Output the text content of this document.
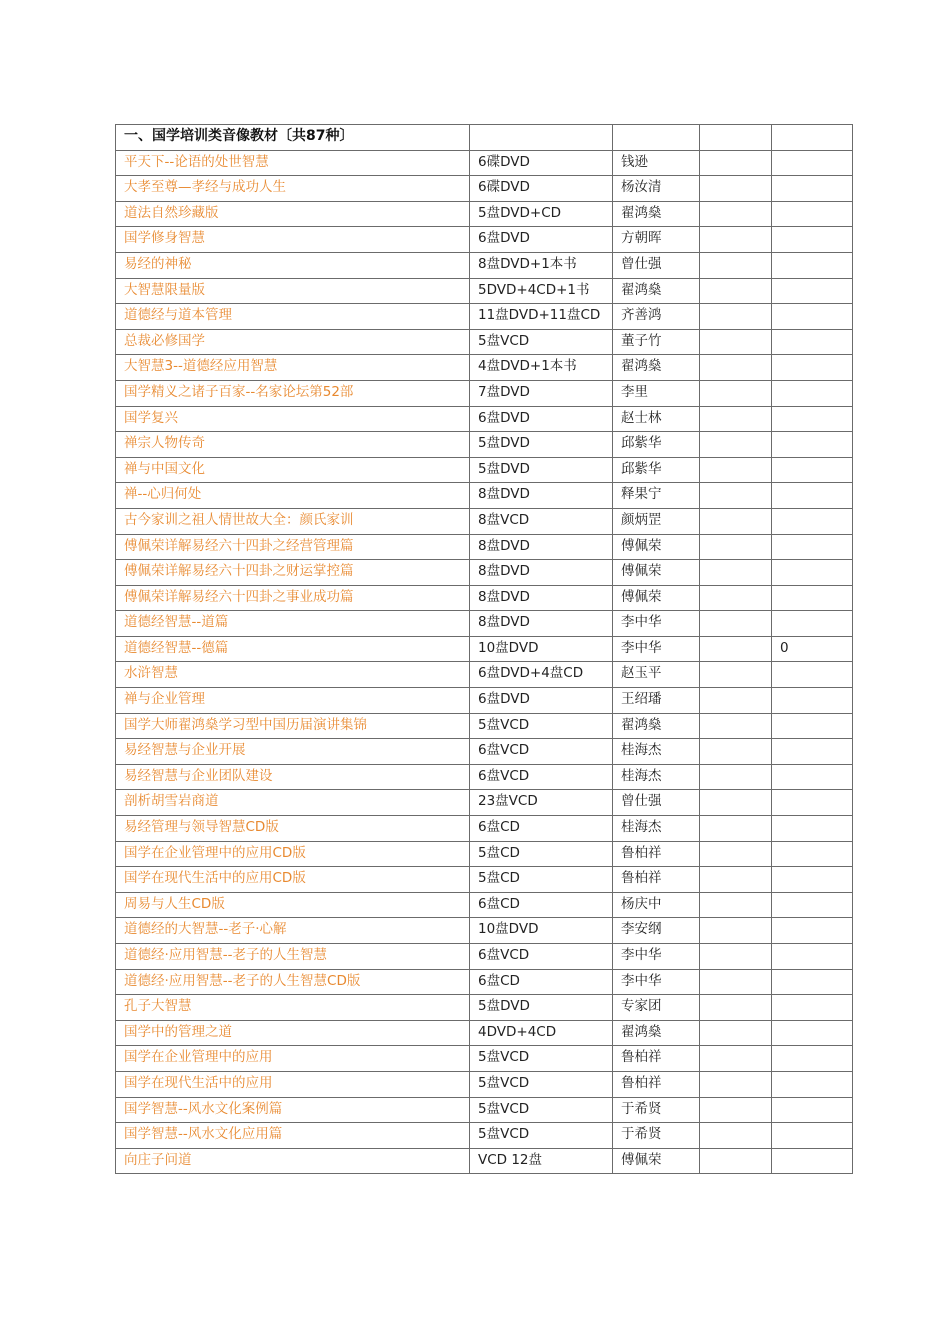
一、国学培训类音像教材〔共87种〕				
平天下--论语的处世智慧	6碟DVD	钱逊		
大孝至尊—孝经与成功人生	6碟DVD	杨汝清		
道法自然珍藏版	5盘DVD+CD	翟鸿燊		
国学修身智慧	6盘DVD	方朝晖		
易经的神秘	8盘DVD+1本书	曾仕强		
大智慧限量版	5DVD+4CD+1书	翟鸿燊		
道德经与道本管理	11盘DVD+11盘CD	齐善鸿		
总裁必修国学	5盘VCD	董子竹		
大智慧3--道德经应用智慧	4盘DVD+1本书	翟鸿燊		
国学精义之诸子百家--名家论坛第52部	7盘DVD	李里		
国学复兴	6盘DVD	赵士林		
禅宗人物传奇	5盘DVD	邱紫华		
禅与中国文化	5盘DVD	邱紫华		
禅--心归何处	8盘DVD	释果宁		
古今家训之祖人情世故大全：颜氏家训	8盘VCD	颜炳罡		
傅佩荣详解易经六十四卦之经营管理篇	8盘DVD	傅佩荣		
傅佩荣详解易经六十四卦之财运掌控篇	8盘DVD	傅佩荣		
傅佩荣详解易经六十四卦之事业成功篇	8盘DVD	傅佩荣		
道德经智慧--道篇	8盘DVD	李中华		
道德经智慧--德篇	10盘DVD	李中华		0
水浒智慧	6盘DVD+4盘CD	赵玉平		
禅与企业管理	6盘DVD	王绍璠		
国学大师翟鸿燊学习型中国历届演讲集锦	5盘VCD	翟鸿燊		
易经智慧与企业开展	6盘VCD	桂海杰		
易经智慧与企业团队建设	6盘VCD	桂海杰		
剖析胡雪岩商道	23盘VCD	曾仕强		
易经管理与领导智慧CD版	6盘CD	桂海杰		
国学在企业管理中的应用CD版	5盘CD	鲁柏祥		
国学在现代生活中的应用CD版	5盘CD	鲁柏祥		
周易与人生CD版	6盘CD	杨庆中		
道德经的大智慧--老子·心解	10盘DVD	李安纲		
道德经·应用智慧--老子的人生智慧	6盘VCD	李中华		
道德经·应用智慧--老子的人生智慧CD版	6盘CD	李中华		
孔子大智慧	5盘DVD	专家团		
国学中的管理之道	4DVD+4CD	翟鸿燊		
国学在企业管理中的应用	5盘VCD	鲁柏祥		
国学在现代生活中的应用	5盘VCD	鲁柏祥		
国学智慧--风水文化案例篇	5盘VCD	于希贤		
国学智慧--风水文化应用篇	5盘VCD	于希贤		
向庄子问道	VCD 12盘	傅佩荣		
